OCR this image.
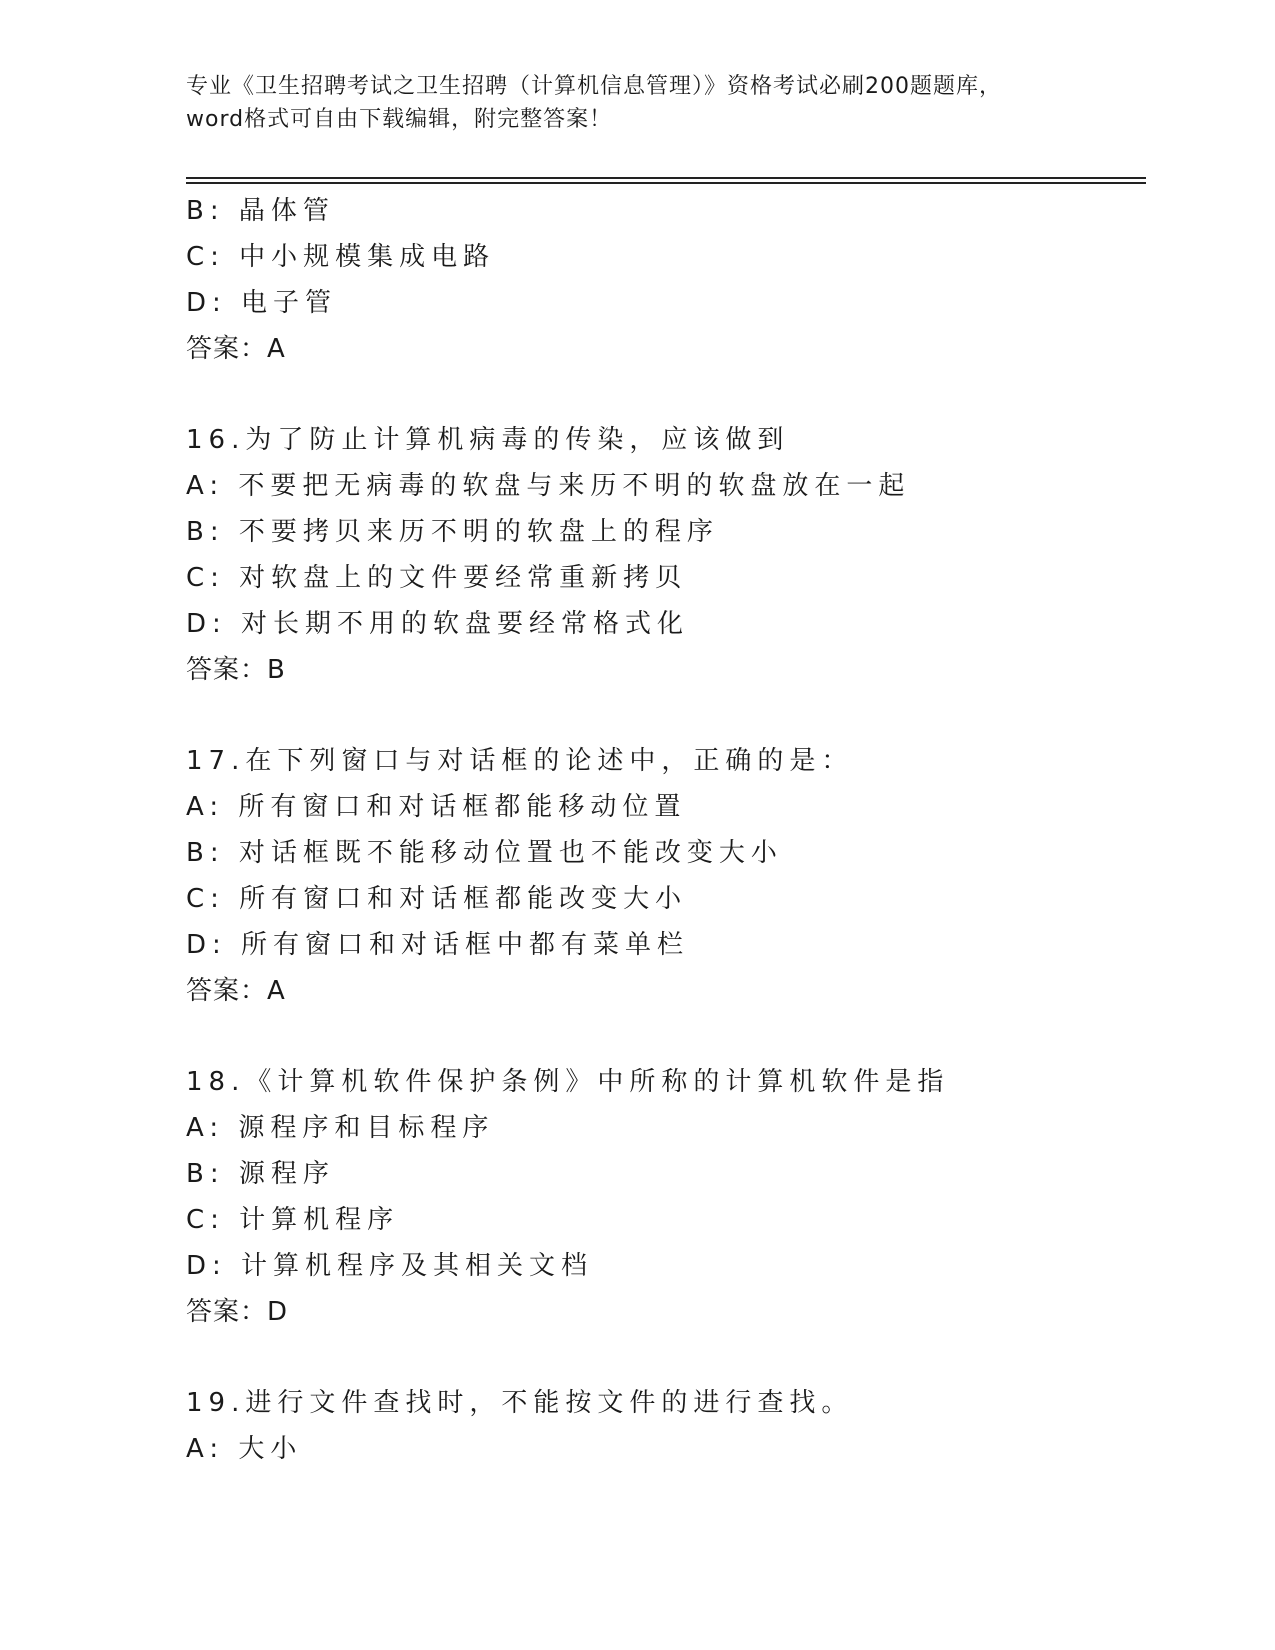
专业《卫生招聘考试之卫生招聘（计算机信息管理）》资格考试必刷200题题库，
word格式可自由下载编辑，附完整答案！
B: 晶体管
C: 中小规模集成电路
D: 电子管
答案：A
16.为了防止计算机病毒的传染，应该做到
A: 不要把无病毒的软盘与来历不明的软盘放在一起
B: 不要拷贝来历不明的软盘上的程序
C: 对软盘上的文件要经常重新拷贝
D: 对长期不用的软盘要经常格式化
答案：B
17.在下列窗口与对话框的论述中，正确的是：
A: 所有窗口和对话框都能移动位置
B: 对话框既不能移动位置也不能改变大小
C: 所有窗口和对话框都能改变大小
D: 所有窗口和对话框中都有菜单栏
答案：A
18.《计算机软件保护条例》中所称的计算机软件是指
A: 源程序和目标程序
B: 源程序
C: 计算机程序
D: 计算机程序及其相关文档
答案：D
19.进行文件查找时，不能按文件的进行查找。
A: 大小
